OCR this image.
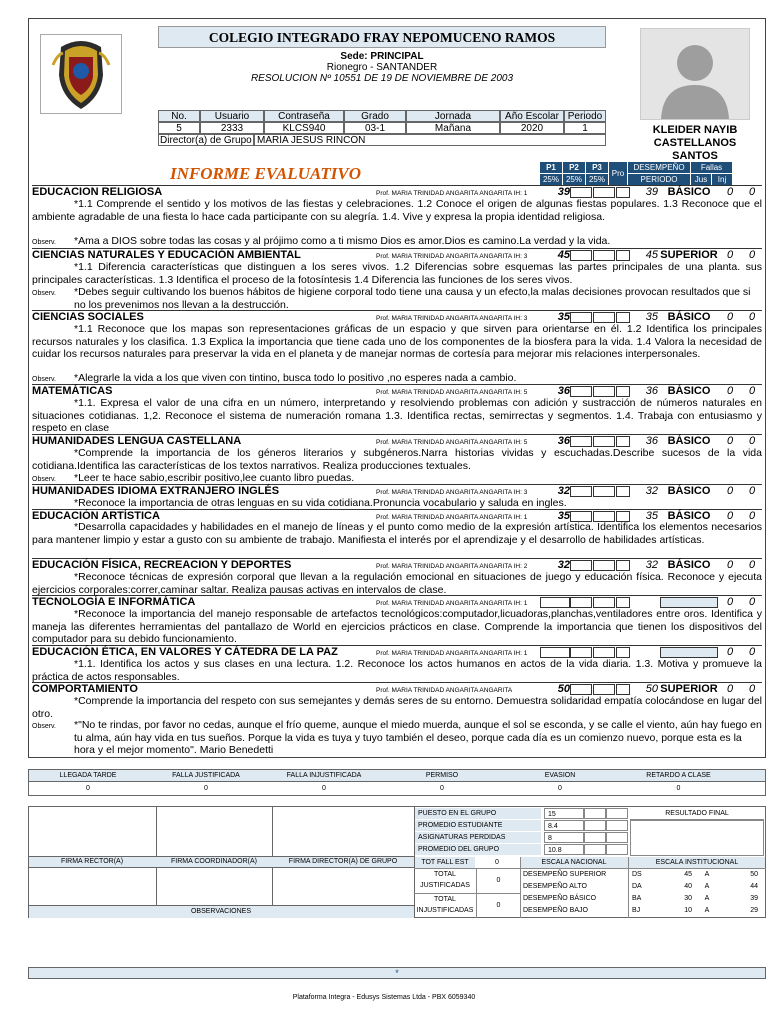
COLEGIO INTEGRADO FRAY NEPOMUCENO RAMOS
Sede: PRINCIPAL
Rionegro - SANTANDER
RESOLUCION Nº 10551 DE 19 DE NOVIEMBRE DE 2003
No.	Usuario	Contraseña	Grado	Jornada	Año Escolar Periodo
5	2333	KLCS940	03-1	Mañana	2020	1
Director(a) de Grupo MARÍA JESÚS RINCÓN
KLEIDER NAYIB CASTELLANOS SANTOS
INFORME EVALUATIVO	P1	P2	P3
25% 25% 25%
Pro
DESEMPEÑO
PERIODO
Fallas
Jus	Inj
EDUCACION RELIGIOSA	Prof. MARIA TRINIDAD ANGARITA ANGARITA IH: 1	39	39 BÁSICO	0	0
*1.1 Comprende el sentido y los motivos de las fiestas y celebraciones. 1.2 Conoce el origen de algunas fiestas populares. 1.3 Reconoce que el ambiente agradable de una fiesta lo hace cada participante con su alegría. 1.4. Vive y expresa la propia identidad religiosa.
Observ.	*Ama a DIOS sobre todas las cosas y al prójimo como a ti mismo Dios es amor.Dios es camino.La verdad y la vida.
CIENCIAS NATURALES Y EDUCACIÓN AMBIENTAL	Prof. MARIA TRINIDAD ANGARITA ANGARITA IH: 3	45	45 SUPERIOR 0	0
*1.1 Diferencia características que distinguen a los seres vivos. 1.2 Diferencias sobre esquemas las partes principales de una planta. sus principales características. 1.3 Identifica el proceso de la fotosíntesis 1.4 Diferencia las funciones de los seres vivos.
Observ.	*Debes seguir cultivando los buenos hábitos de higiene corporal todo tiene una causa y un efecto,la malas decisiones provocan resultados que si no los prevenimos nos llevan a la destrucción.
CIENCIAS SOCIALES	Prof. MARIA TRINIDAD ANGARITA ANGARITA IH: 3	35	35 BÁSICO	0	0
*1.1 Reconoce que los mapas son representaciones gráficas de un espacio y que sirven para orientarse en él. 1.2 Identifica los principales recursos naturales y los clasifica. 1.3 Explica la importancia que tiene cada uno de los componentes de la biosfera para la vida. 1.4 Valora la necesidad de cuidar los recursos naturales para preservar la vida en el planeta y de manejar normas de cortesía para mejorar mis relaciones interpersonales.
Observ.	*Alegrarle la vida a los que viven con tintino, busca todo lo positivo ,no esperes nada a cambio.
MATEMÁTICAS	Prof. MARIA TRINIDAD ANGARITA ANGARITA IH: 5	36	36 BÁSICO	0	0
*1.1. Expresa el valor de una cifra en un número, interpretando y resolviendo problemas con adición y sustracción de números naturales en situaciones cotidianas. 1,2. Reconoce el sistema de numeración romana 1.3. Identifica rectas, semirrectas y segmentos. 1.4. Trabaja con entusiasmo y respeto en clase
HUMANIDADES LENGUA CASTELLANA	Prof. MARIA TRINIDAD ANGARITA ANGARITA IH: 5	36	36 BÁSICO	0	0
*Comprende la importancia de los géneros literarios y subgéneros.Narra historias vividas y escuchadas.Describe sucesos de la vida cotidiana.Identifica las características de los textos narrativos. Realiza producciones textuales.
Observ.	*Leer te hace sabio,escribir positivo,lee cuanto libro puedas.
HUMANIDADES IDIOMA EXTRANJERO INGLÉS	Prof. MARIA TRINIDAD ANGARITA ANGARITA IH: 3	32	32 BÁSICO	0	0
*Reconoce la importancia de otras lenguas en su vida cotidiana.Pronuncia vocabulario y saluda en ingles.
EDUCACIÓN ARTÍSTICA	Prof. MARIA TRINIDAD ANGARITA ANGARITA IH: 1	35	35 BÁSICO	0	0
*Desarrolla capacidades y habilidades en el manejo de líneas y el punto como medio de la expresión artística. Identifica los elementos necesarios para mantener limpio y estar a gusto con su ambiente de trabajo. Manifiesta el interés por el aprendizaje y el desarrollo de habilidades artísticas.
EDUCACIÓN FÍSICA, RECREACION Y DEPORTES	Prof. MARIA TRINIDAD ANGARITA ANGARITA IH: 2	32	32 BÁSICO	0	0
*Reconoce técnicas de expresión corporal que llevan a la regulación emocional en situaciones de juego y educación física. Reconoce y ejecuta ejercicios corporales:correr,caminar saltar. Realiza pausas activas en intervalos de clase.
TECNOLOGÍA E INFORMÁTICA	Prof. MARIA TRINIDAD ANGARITA ANGARITA IH: 1	0	0
*Reconoce la importancia del manejo responsable de artefactos tecnológicos:computador,licuadoras,planchas,ventiladores entre oros. Identifica y maneja las diferentes herramientas del pantallazo de World en ejercicios prácticos en clase. Comprende la importancia que tienen los dispositivos del computador para su debido funcionamiento.
EDUCACIÓN ÉTICA, EN VALORES Y CÁTEDRA DE LA PAZ	Prof. MARIA TRINIDAD ANGARITA ANGARITA IH: 1	0	0
*1.1. Identifica los actos y sus clases en una lectura. 1.2. Reconoce los actos humanos en actos de la vida diaria. 1.3. Motiva y promueve la práctica de actos responsables.
COMPORTAMIENTO	Prof. MARIA TRINIDAD ANGARITA ANGARITA	50	50 SUPERIOR 0	0
*Comprende la importancia del respeto con sus semejantes y demás seres de su entorno. Demuestra solidaridad empatía colocándose en lugar del otro.
Observ.	*"No te rindas, por favor no cedas, aunque el frío queme, aunque el miedo muerda, aunque el sol se esconda, y se calle el viento, aún hay fuego en tu alma, aún hay vida en tus sueños. Porque la vida es tuya y tuyo también el deseo, porque cada día es un comienzo nuevo, porque esta es la hora y el mejor momento". Mario Benedetti
LLEGADA TARDE
0
FALLA JUSTIFICADA
0
FALLA INJUSTIFICADA
0
PERMISO
0
EVASION
0
RETARDO A CLASE
0
FIRMA RECTOR(A)	FIRMA COORDINADOR(A)	FIRMA DIRECTOR(A) DE GRUPO
OBSERVACIONES
PUESTO EN EL GRUPO	15
PROMEDIO ESTUDIANTE	8.4
ASIGNATURAS PERDIDAS	8
PROMEDIO DEL GRUPO	10.8
RESULTADO FINAL
TOT FALL EST	0	ESCALA NACIONAL	ESCALA INSTITUCIONAL
TOTAL
JUSTIFICADAS
0
TOTAL
INJUSTIFICADAS
0
DESEMPEÑO SUPERIOR
DESEMPEÑO ALTO
DESEMPEÑO BÁSICO
DESEMPEÑO BAJO
DS	45	A	50
DA	40	A	44
BA	30	A	39
BJ	10	A	29
*
Plataforma Integra - Edusys Sistemas Ltda - PBX 6059340
